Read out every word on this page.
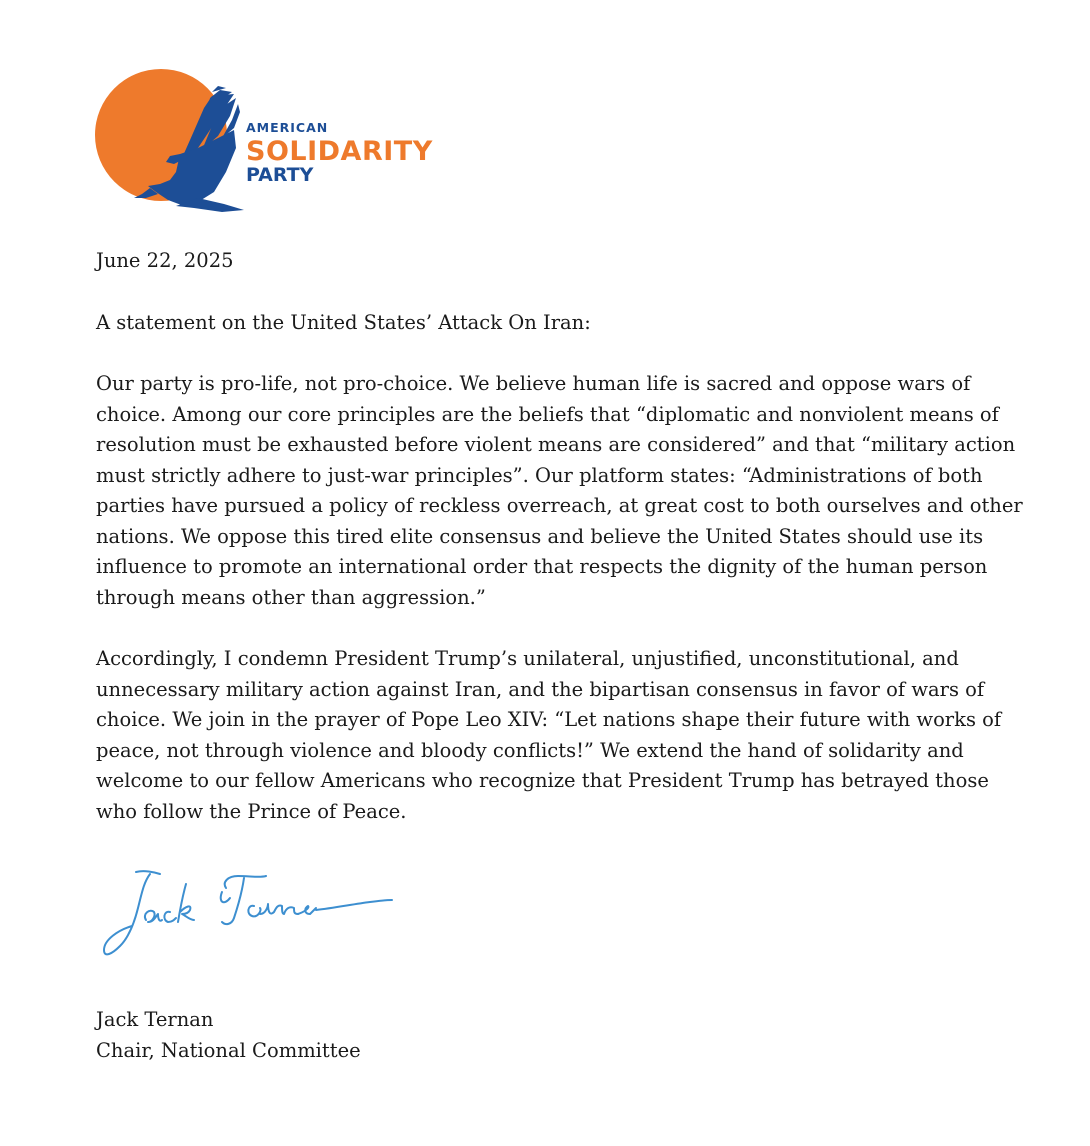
AMERICAN
SOLIDARITY
PARTY

June 22, 2025

A statement on the United States’ Attack On Iran:

Our party is pro-life, not pro-choice. We believe human life is sacred and oppose wars of choice. Among our core principles are the beliefs that “diplomatic and nonviolent means of resolution must be exhausted before violent means are considered” and that “military action must strictly adhere to just-war principles”. Our platform states: “Administrations of both parties have pursued a policy of reckless overreach, at great cost to both ourselves and other nations. We oppose this tired elite consensus and believe the United States should use its influence to promote an international order that respects the dignity of the human person through means other than aggression.”

Accordingly, I condemn President Trump’s unilateral, unjustified, unconstitutional, and unnecessary military action against Iran, and the bipartisan consensus in favor of wars of choice. We join in the prayer of Pope Leo XIV: “Let nations shape their future with works of peace, not through violence and bloody conflicts!” We extend the hand of solidarity and welcome to our fellow Americans who recognize that President Trump has betrayed those who follow the Prince of Peace.

Jack Ternan
Chair, National Committee
